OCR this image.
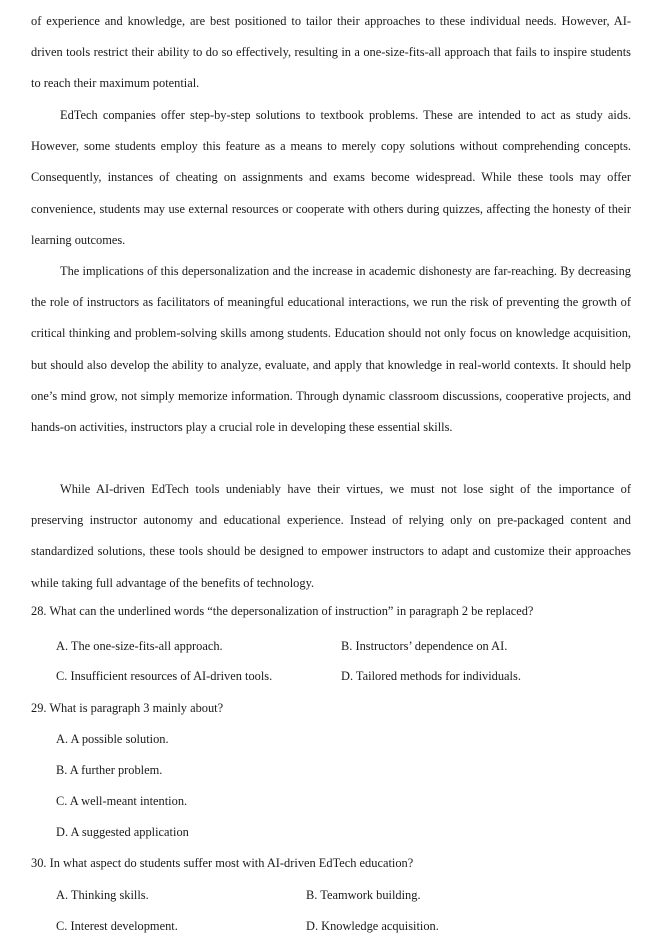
of experience and knowledge, are best positioned to tailor their approaches to these individual needs. However, AI-driven tools restrict their ability to do so effectively, resulting in a one-size-fits-all approach that fails to inspire students to reach their maximum potential.

EdTech companies offer step-by-step solutions to textbook problems. These are intended to act as study aids. However, some students employ this feature as a means to merely copy solutions without comprehending concepts. Consequently, instances of cheating on assignments and exams become widespread. While these tools may offer convenience, students may use external resources or cooperate with others during quizzes, affecting the honesty of their learning outcomes.

The implications of this depersonalization and the increase in academic dishonesty are far-reaching. By decreasing the role of instructors as facilitators of meaningful educational interactions, we run the risk of preventing the growth of critical thinking and problem-solving skills among students. Education should not only focus on knowledge acquisition, but should also develop the ability to analyze, evaluate, and apply that knowledge in real-world contexts. It should help one’s mind grow, not simply memorize information. Through dynamic classroom discussions, cooperative projects, and hands-on activities, instructors play a crucial role in developing these essential skills.

While AI-driven EdTech tools undeniably have their virtues, we must not lose sight of the importance of preserving instructor autonomy and educational experience. Instead of relying only on pre-packaged content and standardized solutions, these tools should be designed to empower instructors to adapt and customize their approaches while taking full advantage of the benefits of technology.

28. What can the underlined words “the depersonalization of instruction” in paragraph 2 be replaced?

A. The one-size-fits-all approach.	B. Instructors’ dependence on AI.
C. Insufficient resources of AI-driven tools.	D. Tailored methods for individuals.

29. What is paragraph 3 mainly about?

A. A possible solution.
B. A further problem.
C. A well-meant intention.
D. A suggested application

30. In what aspect do students suffer most with AI-driven EdTech education?

A. Thinking skills.	B. Teamwork building.
C. Interest development.	D. Knowledge acquisition.
